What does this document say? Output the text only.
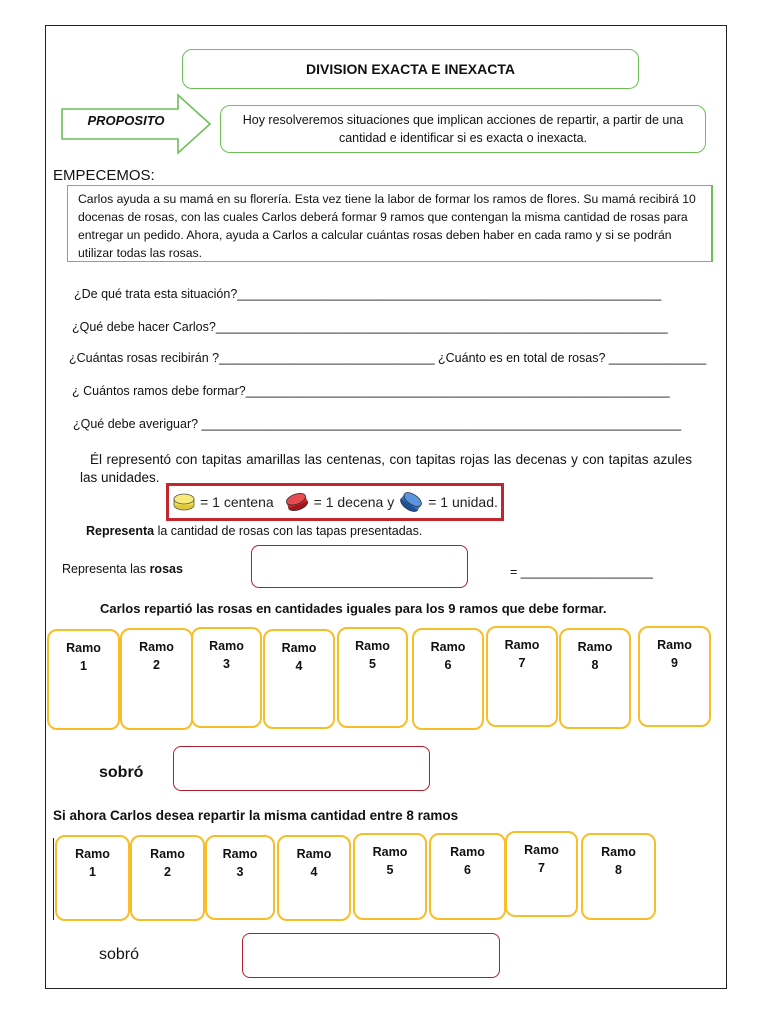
DIVISION EXACTA E INEXACTA
PROPOSITO	Hoy resolveremos situaciones que implican acciones de repartir, a partir de una cantidad e identificar si es exacta o inexacta.
EMPECEMOS:
Carlos ayuda a su mamá en su florería. Esta vez tiene la labor de formar los ramos de flores. Su mamá recibirá 10 docenas de rosas, con las cuales Carlos deberá formar 9 ramos que contengan la misma cantidad de rosas para entregar un pedido. Ahora, ayuda a Carlos a calcular cuántas rosas deben haber en cada ramo y si se podrán utilizar todas las rosas.
¿De qué trata esta situación?_____________________________________________________________
¿Qué debe hacer Carlos?_________________________________________________________________
¿Cuántas rosas recibirán ?_______________________________ ¿Cuánto es en total de rosas? ______________
¿ Cuántos ramos debe formar?_____________________________________________________________
¿Qué debe averiguar? _____________________________________________________________________
Él representó con tapitas amarillas las centenas, con tapitas rojas las decenas y con tapitas azules las unidades.
= 1 centena	= 1 decena y = 1 unidad.
Representa la cantidad de rosas con las tapas presentadas.
Representa las rosas	= ___________________
Carlos repartió las rosas en cantidades iguales para los 9 ramos que debe formar.
Ramo
1
Ramo
2
Ramo
3
Ramo
4
Ramo
5
Ramo
6
Ramo
7
Ramo
8
Ramo
9
sobró
Si ahora Carlos desea repartir la misma cantidad entre 8 ramos
Ramo
1
Ramo
2
Ramo
3
Ramo
4
Ramo
5
Ramo
6
Ramo
7
Ramo
8
sobró
